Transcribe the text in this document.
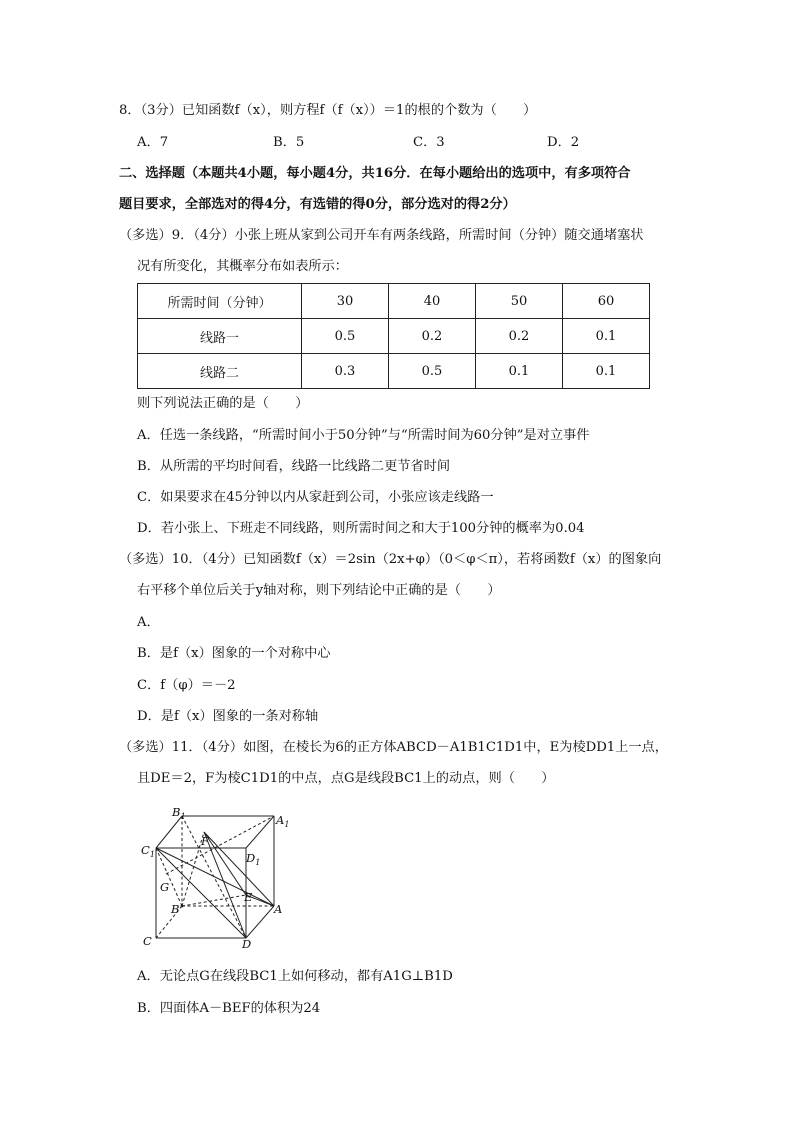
8．（3分）已知函数f（x），则方程f（f（x））＝1的根的个数为（　　）
A．7	B．5	C．3	D．2
二、选择题（本题共4小题，每小题4分，共16分．在每小题给出的选项中，有多项符合
题目要求，全部选对的得4分，有选错的得0分，部分选对的得2分）
（多选）9．（4分）小张上班从家到公司开车有两条线路，所需时间（分钟）随交通堵塞状
况有所变化，其概率分布如表所示：
所需时间（分钟）	30	40	50	60
线路一	0.5	0.2	0.2	0.1
线路二	0.3	0.5	0.1	0.1
则下列说法正确的是（　　）
A．任选一条线路，“所需时间小于50分钟”与“所需时间为60分钟”是对立事件
B．从所需的平均时间看，线路一比线路二更节省时间
C．如果要求在45分钟以内从家赶到公司，小张应该走线路一
D．若小张上、下班走不同线路，则所需时间之和大于100分钟的概率为0.04
（多选）10．（4分）已知函数f（x）＝2sin（2x+φ）（0＜φ＜π），若将函数f（x）的图象向
右平移个单位后关于y轴对称，则下列结论中正确的是（　　）
A．
B．是f（x）图象的一个对称中心
C．f（φ）＝－2
D．是f（x）图象的一条对称轴
（多选）11．（4分）如图，在棱长为6的正方体ABCD－A1B1C1D1中，E为棱DD1上一点，
且DE＝2，F为棱C1D1的中点，点G是线段BC1上的动点，则（　　）
$B_1$	$A_1$
$C_1$
F
$D_1$
G
E
B	A
C	D
A．无论点G在线段BC1上如何移动，都有A1G⊥B1D
B．四面体A－BEF的体积为24
